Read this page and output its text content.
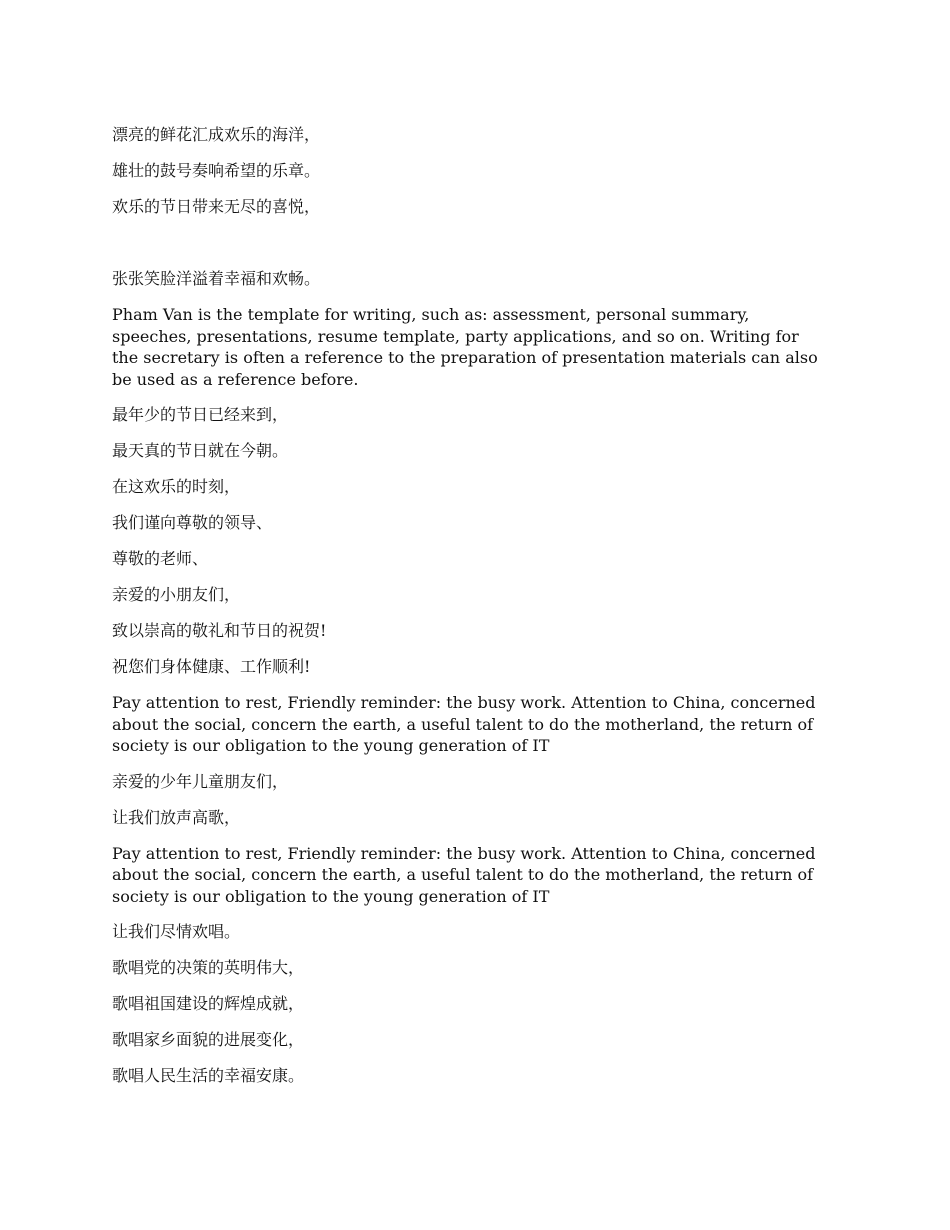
漂亮的鲜花汇成欢乐的海洋，

雄壮的鼓号奏响希望的乐章。

欢乐的节日带来无尽的喜悦，

张张笑脸洋溢着幸福和欢畅。

Pham Van is the template for writing, such as: assessment, personal summary, speeches, presentations, resume template, party applications, and so on. Writing for the secretary is often a reference to the preparation of presentation materials can also be used as a reference before.

最年少的节日已经来到，

最天真的节日就在今朝。

在这欢乐的时刻，

我们谨向尊敬的领导、

尊敬的老师、

亲爱的小朋友们，

致以崇高的敬礼和节日的祝贺!

祝您们身体健康、工作顺利!

Pay attention to rest, Friendly reminder: the busy work. Attention to China, concerned about the social, concern the earth, a useful talent to do the motherland, the return of society is our obligation to the young generation of IT

亲爱的少年儿童朋友们，

让我们放声高歌，

Pay attention to rest, Friendly reminder: the busy work. Attention to China, concerned about the social, concern the earth, a useful talent to do the motherland, the return of society is our obligation to the young generation of IT

让我们尽情欢唱。

歌唱党的决策的英明伟大，

歌唱祖国建设的辉煌成就，

歌唱家乡面貌的进展变化，

歌唱人民生活的幸福安康。
